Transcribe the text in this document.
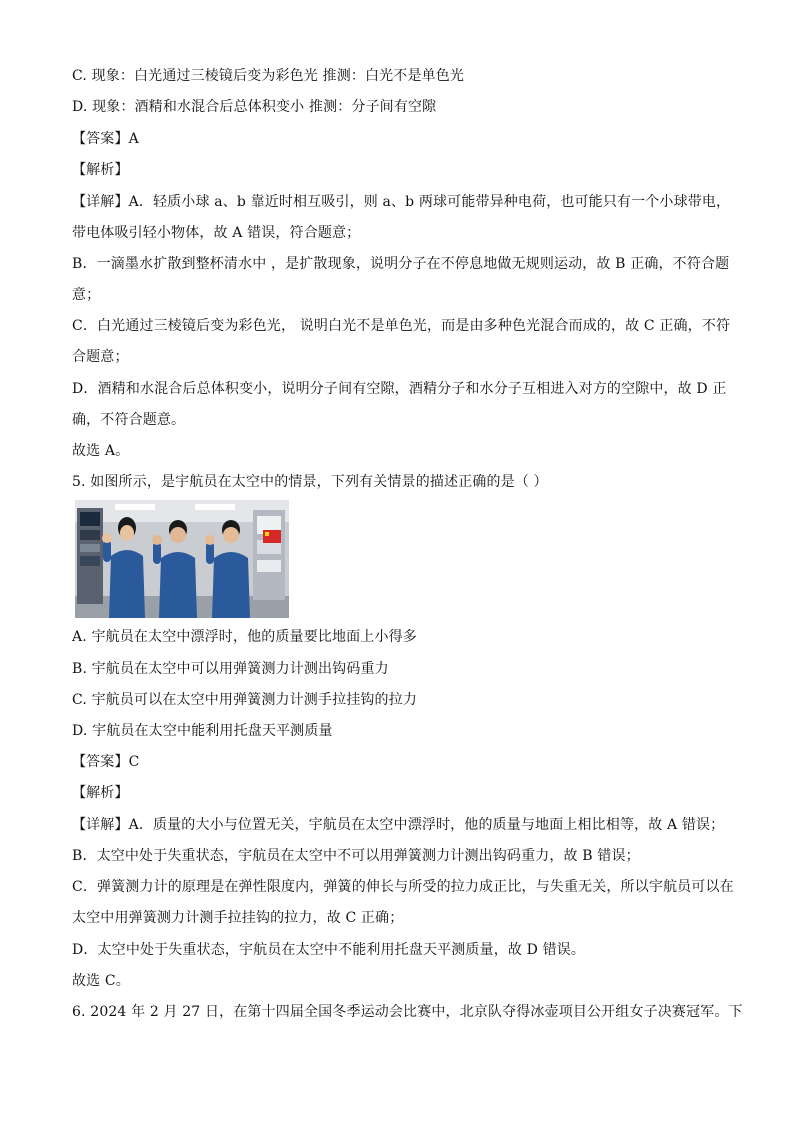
C. 现象：白光通过三棱镜后变为彩色光 推测：白光不是单色光
D. 现象：酒精和水混合后总体积变小 推测：分子间有空隙
【答案】A
【解析】
【详解】A．轻质小球 a、b 靠近时相互吸引，则 a、b 两球可能带异种电荷，也可能只有一个小球带电，
带电体吸引轻小物体，故 A 错误，符合题意；
B．一滴墨水扩散到整杯清水中 ，是扩散现象，说明分子在不停息地做无规则运动，故 B 正确，不符合题
意；
C．白光通过三棱镜后变为彩色光， 说明白光不是单色光，而是由多种色光混合而成的，故 C 正确，不符
合题意；
D．酒精和水混合后总体积变小，说明分子间有空隙，酒精分子和水分子互相进入对方的空隙中，故 D 正
确，不符合题意。
故选 A。
5. 如图所示，是宇航员在太空中的情景，下列有关情景的描述正确的是（ ）
A. 宇航员在太空中漂浮时，他的质量要比地面上小得多
B. 宇航员在太空中可以用弹簧测力计测出钩码重力
C. 宇航员可以在太空中用弹簧测力计测手拉挂钩的拉力
D. 宇航员在太空中能利用托盘天平测质量
【答案】C
【解析】
【详解】A．质量的大小与位置无关，宇航员在太空中漂浮时，他的质量与地面上相比相等，故 A 错误；
B．太空中处于失重状态，宇航员在太空中不可以用弹簧测力计测出钩码重力，故 B 错误；
C．弹簧测力计的原理是在弹性限度内，弹簧的伸长与所受的拉力成正比，与失重无关，所以宇航员可以在
太空中用弹簧测力计测手拉挂钩的拉力，故 C 正确；
D．太空中处于失重状态，宇航员在太空中不能利用托盘天平测质量，故 D 错误。
故选 C。
6. 2024 年 2 月 27 日，在第十四届全国冬季运动会比赛中，北京队夺得冰壶项目公开组女子决赛冠军。下
